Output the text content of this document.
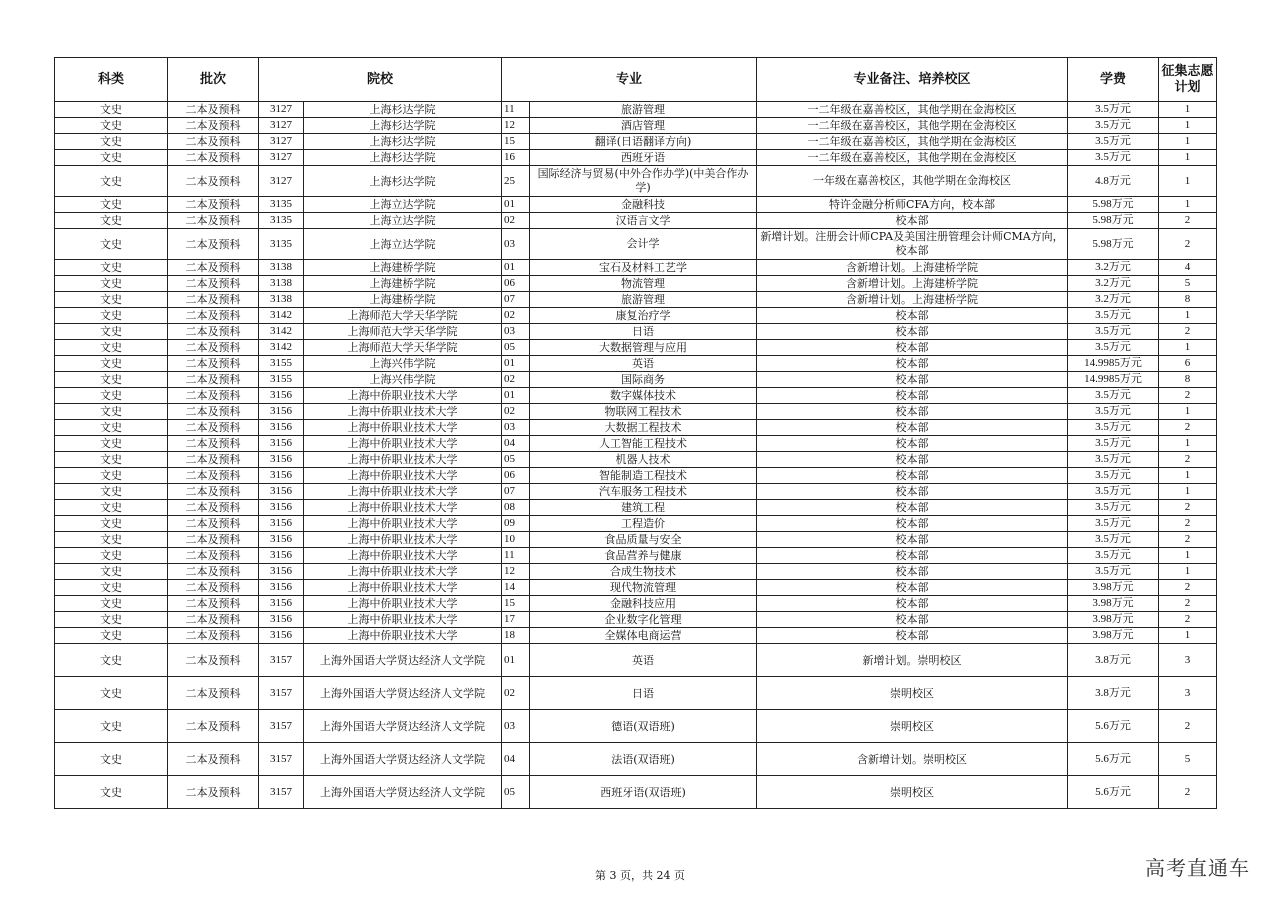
科类	批次	院校		专业		专业备注、培养校区	学费	征集志愿计划
文史	二本及预科	3127	上海杉达学院	11	旅游管理	一二年级在嘉善校区，其他学期在金海校区	3.5万元	1
文史	二本及预科	3127	上海杉达学院	12	酒店管理	一二年级在嘉善校区，其他学期在金海校区	3.5万元	1
文史	二本及预科	3127	上海杉达学院	15	翻译(日语翻译方向)	一二年级在嘉善校区，其他学期在金海校区	3.5万元	1
文史	二本及预科	3127	上海杉达学院	16	西班牙语	一二年级在嘉善校区，其他学期在金海校区	3.5万元	1
文史	二本及预科	3127	上海杉达学院	25	国际经济与贸易(中外合作办学)(中美合作办学)	一年级在嘉善校区，其他学期在金海校区	4.8万元	1
文史	二本及预科	3135	上海立达学院	01	金融科技	特许金融分析师CFA方向，校本部	5.98万元	1
文史	二本及预科	3135	上海立达学院	02	汉语言文学	校本部	5.98万元	2
文史	二本及预科	3135	上海立达学院	03	会计学	新增计划。注册会计师CPA及美国注册管理会计师CMA方向，校本部	5.98万元	2
文史	二本及预科	3138	上海建桥学院	01	宝石及材料工艺学	含新增计划。上海建桥学院	3.2万元	4
文史	二本及预科	3138	上海建桥学院	06	物流管理	含新增计划。上海建桥学院	3.2万元	5
文史	二本及预科	3138	上海建桥学院	07	旅游管理	含新增计划。上海建桥学院	3.2万元	8
文史	二本及预科	3142	上海师范大学天华学院	02	康复治疗学	校本部	3.5万元	1
文史	二本及预科	3142	上海师范大学天华学院	03	日语	校本部	3.5万元	2
文史	二本及预科	3142	上海师范大学天华学院	05	大数据管理与应用	校本部	3.5万元	1
文史	二本及预科	3155	上海兴伟学院	01	英语	校本部	14.9985万元	6
文史	二本及预科	3155	上海兴伟学院	02	国际商务	校本部	14.9985万元	8
文史	二本及预科	3156	上海中侨职业技术大学	01	数字媒体技术	校本部	3.5万元	2
文史	二本及预科	3156	上海中侨职业技术大学	02	物联网工程技术	校本部	3.5万元	1
文史	二本及预科	3156	上海中侨职业技术大学	03	大数据工程技术	校本部	3.5万元	2
文史	二本及预科	3156	上海中侨职业技术大学	04	人工智能工程技术	校本部	3.5万元	1
文史	二本及预科	3156	上海中侨职业技术大学	05	机器人技术	校本部	3.5万元	2
文史	二本及预科	3156	上海中侨职业技术大学	06	智能制造工程技术	校本部	3.5万元	1
文史	二本及预科	3156	上海中侨职业技术大学	07	汽车服务工程技术	校本部	3.5万元	1
文史	二本及预科	3156	上海中侨职业技术大学	08	建筑工程	校本部	3.5万元	2
文史	二本及预科	3156	上海中侨职业技术大学	09	工程造价	校本部	3.5万元	2
文史	二本及预科	3156	上海中侨职业技术大学	10	食品质量与安全	校本部	3.5万元	2
文史	二本及预科	3156	上海中侨职业技术大学	11	食品营养与健康	校本部	3.5万元	1
文史	二本及预科	3156	上海中侨职业技术大学	12	合成生物技术	校本部	3.5万元	1
文史	二本及预科	3156	上海中侨职业技术大学	14	现代物流管理	校本部	3.98万元	2
文史	二本及预科	3156	上海中侨职业技术大学	15	金融科技应用	校本部	3.98万元	2
文史	二本及预科	3156	上海中侨职业技术大学	17	企业数字化管理	校本部	3.98万元	2
文史	二本及预科	3156	上海中侨职业技术大学	18	全媒体电商运营	校本部	3.98万元	1
文史	二本及预科	3157	上海外国语大学贤达经济人文学院	01	英语	新增计划。崇明校区	3.8万元	3
文史	二本及预科	3157	上海外国语大学贤达经济人文学院	02	日语	崇明校区	3.8万元	3
文史	二本及预科	3157	上海外国语大学贤达经济人文学院	03	德语(双语班)	崇明校区	5.6万元	2
文史	二本及预科	3157	上海外国语大学贤达经济人文学院	04	法语(双语班)	含新增计划。崇明校区	5.6万元	5
文史	二本及预科	3157	上海外国语大学贤达经济人文学院	05	西班牙语(双语班)	崇明校区	5.6万元	2
第 3 页，共 24 页	高考直通车
